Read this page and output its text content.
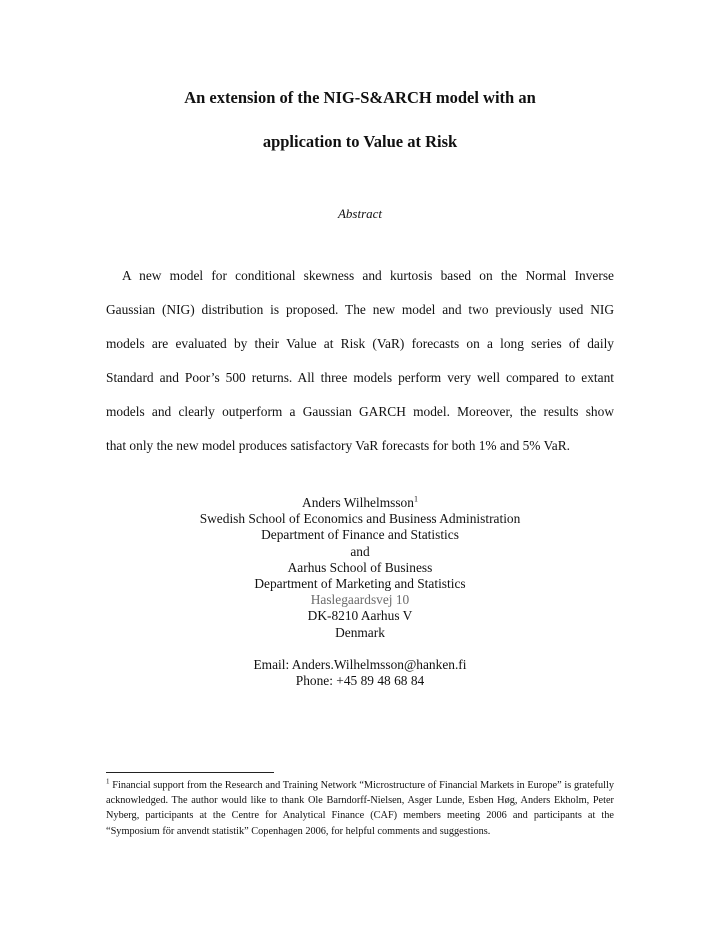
An extension of the NIG-S&ARCH model with an
application to Value at Risk
Abstract
A new model for conditional skewness and kurtosis based on the Normal Inverse
Gaussian (NIG) distribution is proposed. The new model and two previously used NIG
models are evaluated by their Value at Risk (VaR) forecasts on a long series of daily
Standard and Poor’s 500 returns. All three models perform very well compared to extant
models and clearly outperform a Gaussian GARCH model. Moreover, the results show
that only the new model produces satisfactory VaR forecasts for both 1% and 5% VaR.
Anders Wilhelmsson$^1$
Swedish School of Economics and Business Administration
Department of Finance and Statistics
and
Aarhus School of Business
Department of Marketing and Statistics
Haslegaardsvej 10
DK-8210 Aarhus V
Denmark
Email: Anders.Wilhelmsson@hanken.fi
Phone: +45 89 48 68 84
$^1$ Financial support from the Research and Training Network “Microstructure of Financial Markets in Europe” is gratefully acknowledged. The author would like to thank Ole Barndorff-Nielsen, Asger Lunde, Esben Høg, Anders Ekholm, Peter Nyberg, participants at the Centre for Analytical Finance (CAF) members meeting 2006 and participants at the “Symposium för anvendt statistik” Copenhagen 2006, for helpful comments and suggestions.
